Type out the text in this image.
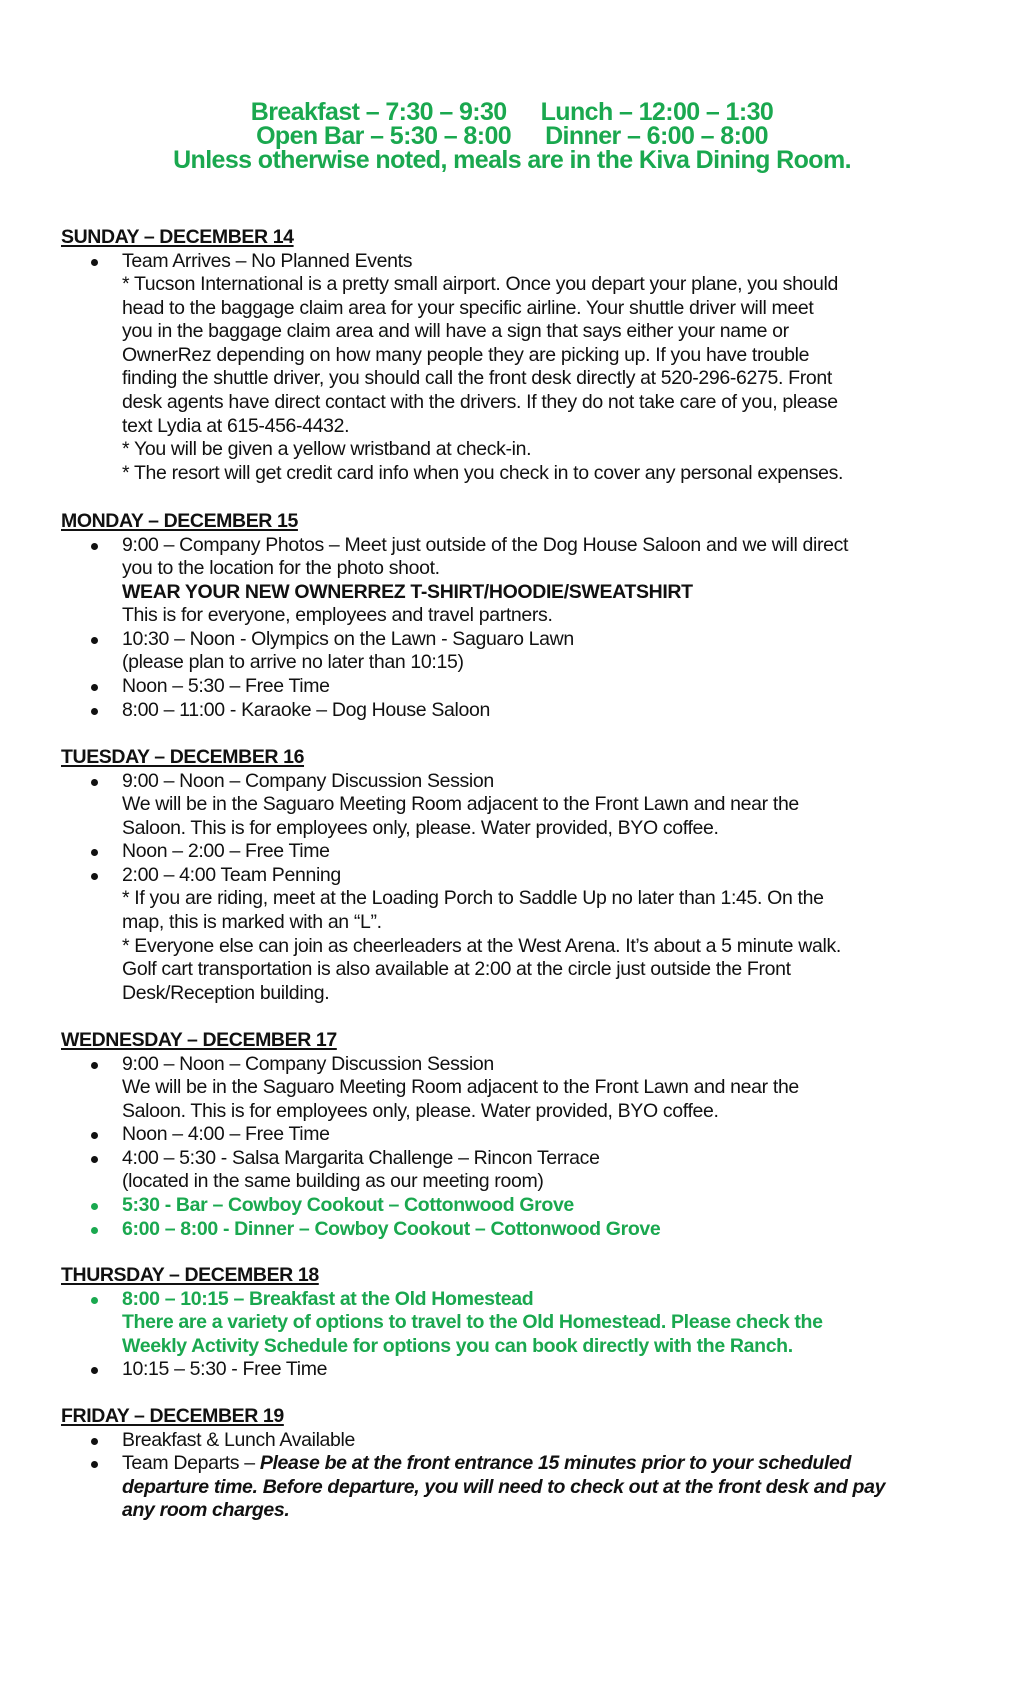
Breakfast – 7:30 – 9:30 Lunch – 12:00 – 1:30
Open Bar – 5:30 – 8:00 Dinner – 6:00 – 8:00
Unless otherwise noted, meals are in the Kiva Dining Room.
SUNDAY – DECEMBER 14
Team Arrives – No Planned Events
* Tucson International is a pretty small airport. Once you depart your plane, you should
head to the baggage claim area for your specific airline. Your shuttle driver will meet
you in the baggage claim area and will have a sign that says either your name or
OwnerRez depending on how many people they are picking up. If you have trouble
finding the shuttle driver, you should call the front desk directly at 520-296-6275. Front
desk agents have direct contact with the drivers. If they do not take care of you, please
text Lydia at 615-456-4432.
* You will be given a yellow wristband at check-in.
* The resort will get credit card info when you check in to cover any personal expenses.
MONDAY – DECEMBER 15
9:00 – Company Photos – Meet just outside of the Dog House Saloon and we will direct
you to the location for the photo shoot.
WEAR YOUR NEW OWNERREZ T-SHIRT/HOODIE/SWEATSHIRT
This is for everyone, employees and travel partners.
10:30 – Noon - Olympics on the Lawn - Saguaro Lawn
(please plan to arrive no later than 10:15)
Noon – 5:30 – Free Time
8:00 – 11:00 - Karaoke – Dog House Saloon
TUESDAY – DECEMBER 16
9:00 – Noon – Company Discussion Session
We will be in the Saguaro Meeting Room adjacent to the Front Lawn and near the
Saloon. This is for employees only, please. Water provided, BYO coffee.
Noon – 2:00 – Free Time
2:00 – 4:00 Team Penning
* If you are riding, meet at the Loading Porch to Saddle Up no later than 1:45. On the
map, this is marked with an “L”.
* Everyone else can join as cheerleaders at the West Arena. It’s about a 5 minute walk.
Golf cart transportation is also available at 2:00 at the circle just outside the Front
Desk/Reception building.
WEDNESDAY – DECEMBER 17
9:00 – Noon – Company Discussion Session
We will be in the Saguaro Meeting Room adjacent to the Front Lawn and near the
Saloon. This is for employees only, please. Water provided, BYO coffee.
Noon – 4:00 – Free Time
4:00 – 5:30 - Salsa Margarita Challenge – Rincon Terrace
(located in the same building as our meeting room)
5:30 - Bar – Cowboy Cookout – Cottonwood Grove
6:00 – 8:00 - Dinner – Cowboy Cookout – Cottonwood Grove
THURSDAY – DECEMBER 18
8:00 – 10:15 – Breakfast at the Old Homestead
There are a variety of options to travel to the Old Homestead. Please check the
Weekly Activity Schedule for options you can book directly with the Ranch.
10:15 – 5:30 - Free Time
FRIDAY – DECEMBER 19
Breakfast & Lunch Available
Team Departs – Please be at the front entrance 15 minutes prior to your scheduled
departure time. Before departure, you will need to check out at the front desk and pay
any room charges.
